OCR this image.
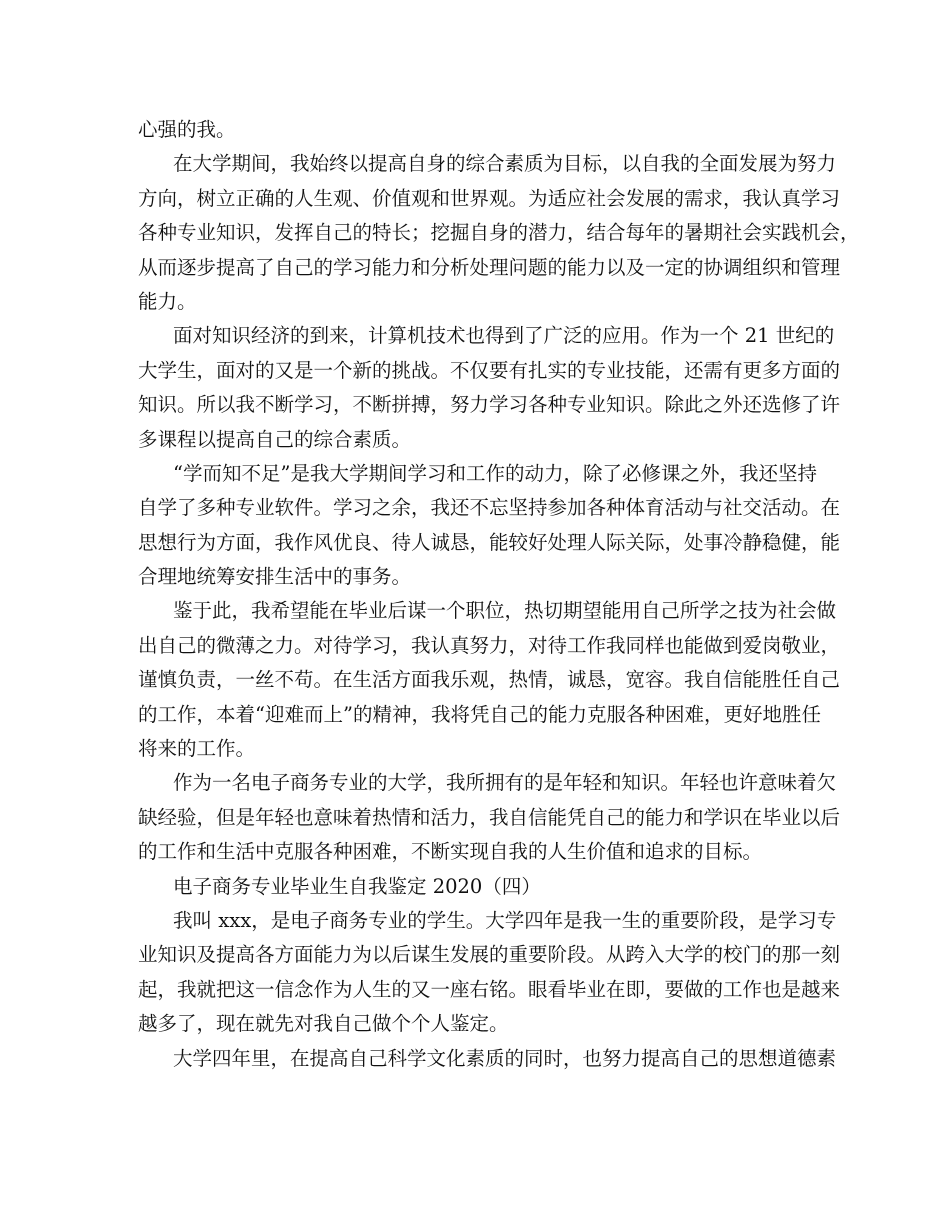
心强的我。
在大学期间，我始终以提高自身的综合素质为目标，以自我的全面发展为努力
方向，树立正确的人生观、价值观和世界观。为适应社会发展的需求，我认真学习
各种专业知识，发挥自己的特长；挖掘自身的潜力，结合每年的暑期社会实践机会，
从而逐步提高了自己的学习能力和分析处理问题的能力以及一定的协调组织和管理
能力。
面对知识经济的到来，计算机技术也得到了广泛的应用。作为一个 21 世纪的
大学生，面对的又是一个新的挑战。不仅要有扎实的专业技能，还需有更多方面的
知识。所以我不断学习，不断拼搏，努力学习各种专业知识。除此之外还选修了许
多课程以提高自己的综合素质。
“学而知不足”是我大学期间学习和工作的动力，除了必修课之外，我还坚持
自学了多种专业软件。学习之余，我还不忘坚持参加各种体育活动与社交活动。在
思想行为方面，我作风优良、待人诚恳，能较好处理人际关际，处事冷静稳健，能
合理地统筹安排生活中的事务。
鉴于此，我希望能在毕业后谋一个职位，热切期望能用自己所学之技为社会做
出自己的微薄之力。对待学习，我认真努力，对待工作我同样也能做到爱岗敬业，
谨慎负责，一丝不苟。在生活方面我乐观，热情，诚恳，宽容。我自信能胜任自己
的工作，本着“迎难而上”的精神，我将凭自己的能力克服各种困难，更好地胜任
将来的工作。
作为一名电子商务专业的大学，我所拥有的是年轻和知识。年轻也许意味着欠
缺经验，但是年轻也意味着热情和活力，我自信能凭自己的能力和学识在毕业以后
的工作和生活中克服各种困难，不断实现自我的人生价值和追求的目标。
电子商务专业毕业生自我鉴定 2020（四）
我叫 xxx，是电子商务专业的学生。大学四年是我一生的重要阶段，是学习专
业知识及提高各方面能力为以后谋生发展的重要阶段。从跨入大学的校门的那一刻
起，我就把这一信念作为人生的又一座右铭。眼看毕业在即，要做的工作也是越来
越多了，现在就先对我自己做个个人鉴定。
大学四年里，在提高自己科学文化素质的同时，也努力提高自己的思想道德素
